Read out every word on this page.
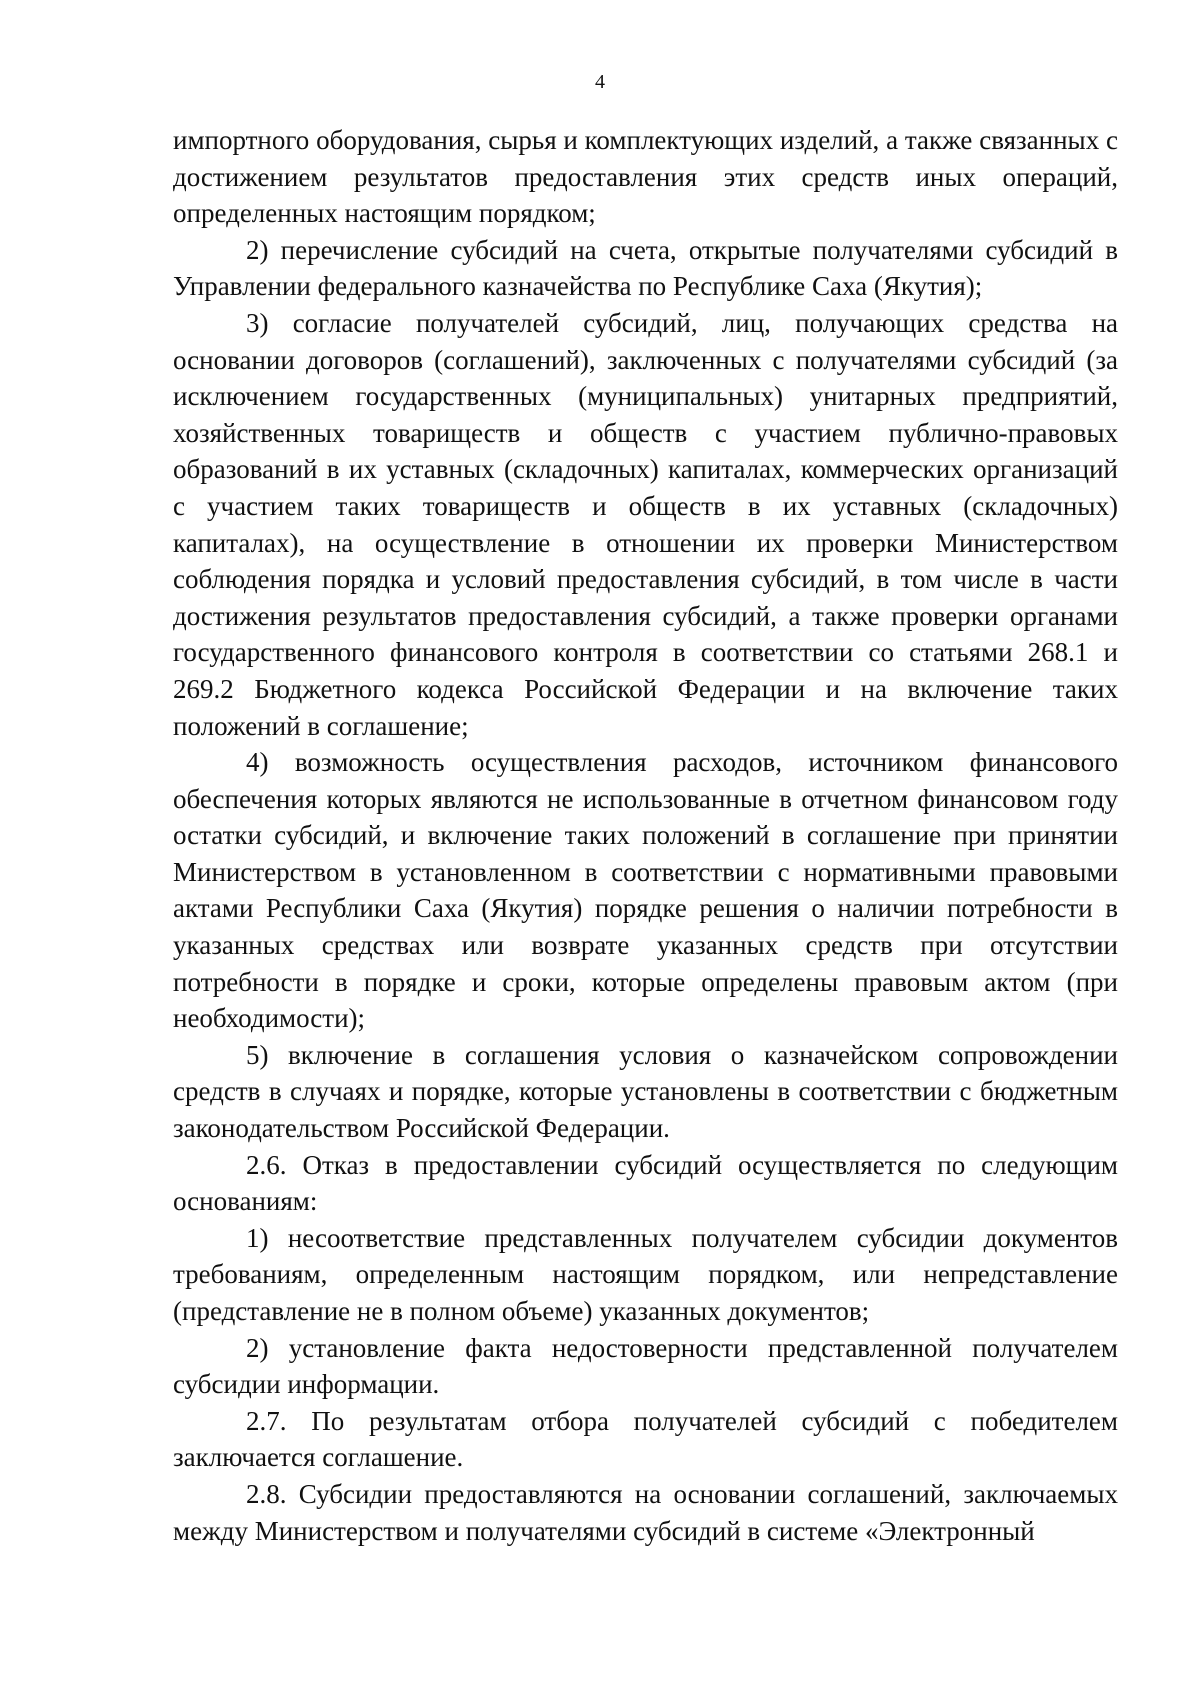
4

импортного оборудования, сырья и комплектующих изделий, а также связанных с достижением результатов предоставления этих средств иных операций, определенных настоящим порядком;

2) перечисление субсидий на счета, открытые получателями субсидий в Управлении федерального казначейства по Республике Саха (Якутия);

3) согласие получателей субсидий, лиц, получающих средства на основании договоров (соглашений), заключенных с получателями субсидий (за исключением государственных (муниципальных) унитарных предприятий, хозяйственных товариществ и обществ с участием публично-правовых образований в их уставных (складочных) капиталах, коммерческих организаций с участием таких товариществ и обществ в их уставных (складочных) капиталах), на осуществление в отношении их проверки Министерством соблюдения порядка и условий предоставления субсидий, в том числе в части достижения результатов предоставления субсидий, а также проверки органами государственного финансового контроля в соответствии со статьями 268.1 и 269.2 Бюджетного кодекса Российской Федерации и на включение таких положений в соглашение;

4) возможность осуществления расходов, источником финансового обеспечения которых являются не использованные в отчетном финансовом году остатки субсидий, и включение таких положений в соглашение при принятии Министерством в установленном в соответствии с нормативными правовыми актами Республики Саха (Якутия) порядке решения о наличии потребности в указанных средствах или возврате указанных средств при отсутствии потребности в порядке и сроки, которые определены правовым актом (при необходимости);

5) включение в соглашения условия о казначейском сопровождении средств в случаях и порядке, которые установлены в соответствии с бюджетным законодательством Российской Федерации.

2.6. Отказ в предоставлении субсидий осуществляется по следующим основаниям:

1) несоответствие представленных получателем субсидии документов требованиям, определенным настоящим порядком, или непредставление (представление не в полном объеме) указанных документов;

2) установление факта недостоверности представленной получателем субсидии информации.

2.7. По результатам отбора получателей субсидий с победителем заключается соглашение.

2.8. Субсидии предоставляются на основании соглашений, заключаемых между Министерством и получателями субсидий в системе «Электронный
